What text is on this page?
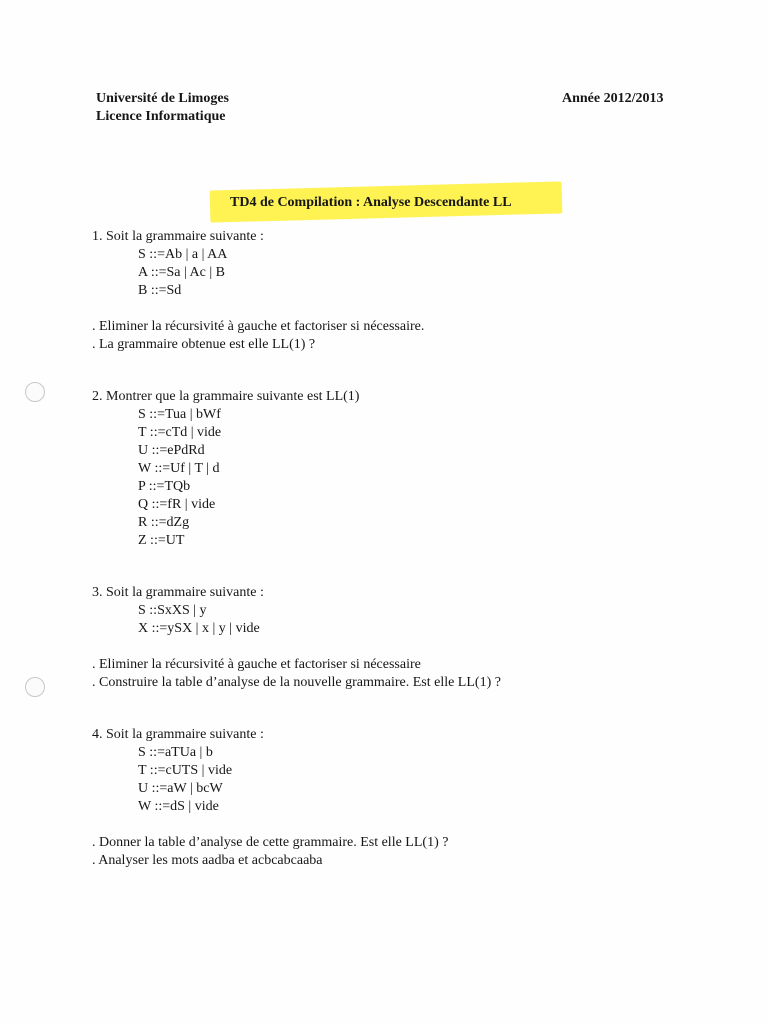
Université de Limoges
Licence Informatique
Année 2012/2013
TD4 de Compilation : Analyse Descendante LL
1. Soit la grammaire suivante :
S ::=Ab | a | AA
A ::=Sa | Ac | B
B ::=Sd
. Eliminer la récursivité à gauche et factoriser si nécessaire.
. La grammaire obtenue est elle LL(1) ?
2. Montrer que la grammaire suivante est LL(1)
S ::=Tua | bWf
T ::=cTd | vide
U ::=ePdRd
W ::=Uf | T | d
P ::=TQb
Q ::=fR | vide
R ::=dZg
Z ::=UT
3. Soit la grammaire suivante :
S ::SxXS | y
X ::=ySX | x | y | vide
. Eliminer la récursivité à gauche et factoriser si nécessaire
. Construire la table d’analyse de la nouvelle grammaire. Est elle LL(1) ?
4. Soit la grammaire suivante :
S ::=aTUa | b
T ::=cUTS | vide
U ::=aW | bcW
W ::=dS | vide
. Donner la table d’analyse de cette grammaire. Est elle LL(1) ?
. Analyser les mots aadba et acbcabcaaba
